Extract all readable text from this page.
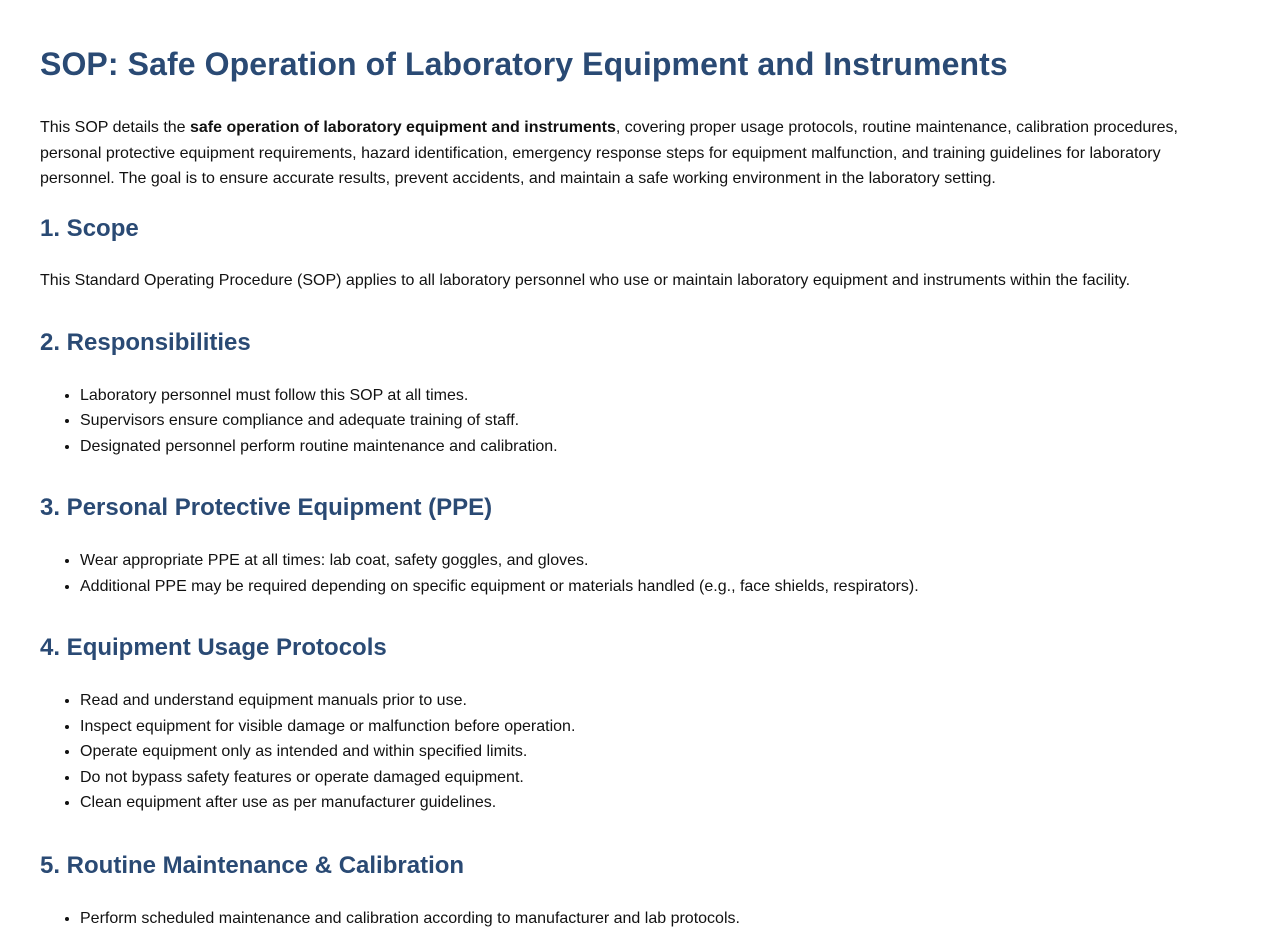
SOP: Safe Operation of Laboratory Equipment and Instruments

This SOP details the safe operation of laboratory equipment and instruments, covering proper usage protocols, routine maintenance, calibration procedures, personal protective equipment requirements, hazard identification, emergency response steps for equipment malfunction, and training guidelines for laboratory personnel. The goal is to ensure accurate results, prevent accidents, and maintain a safe working environment in the laboratory setting.

1. Scope

This Standard Operating Procedure (SOP) applies to all laboratory personnel who use or maintain laboratory equipment and instruments within the facility.

2. Responsibilities
• Laboratory personnel must follow this SOP at all times.
• Supervisors ensure compliance and adequate training of staff.
• Designated personnel perform routine maintenance and calibration.
3. Personal Protective Equipment (PPE)
• Wear appropriate PPE at all times: lab coat, safety goggles, and gloves.
• Additional PPE may be required depending on specific equipment or materials handled (e.g., face shields, respirators).
4. Equipment Usage Protocols
• Read and understand equipment manuals prior to use.
• Inspect equipment for visible damage or malfunction before operation.
• Operate equipment only as intended and within specified limits.
• Do not bypass safety features or operate damaged equipment.
• Clean equipment after use as per manufacturer guidelines.
5. Routine Maintenance & Calibration
• Perform scheduled maintenance and calibration according to manufacturer and lab protocols.
